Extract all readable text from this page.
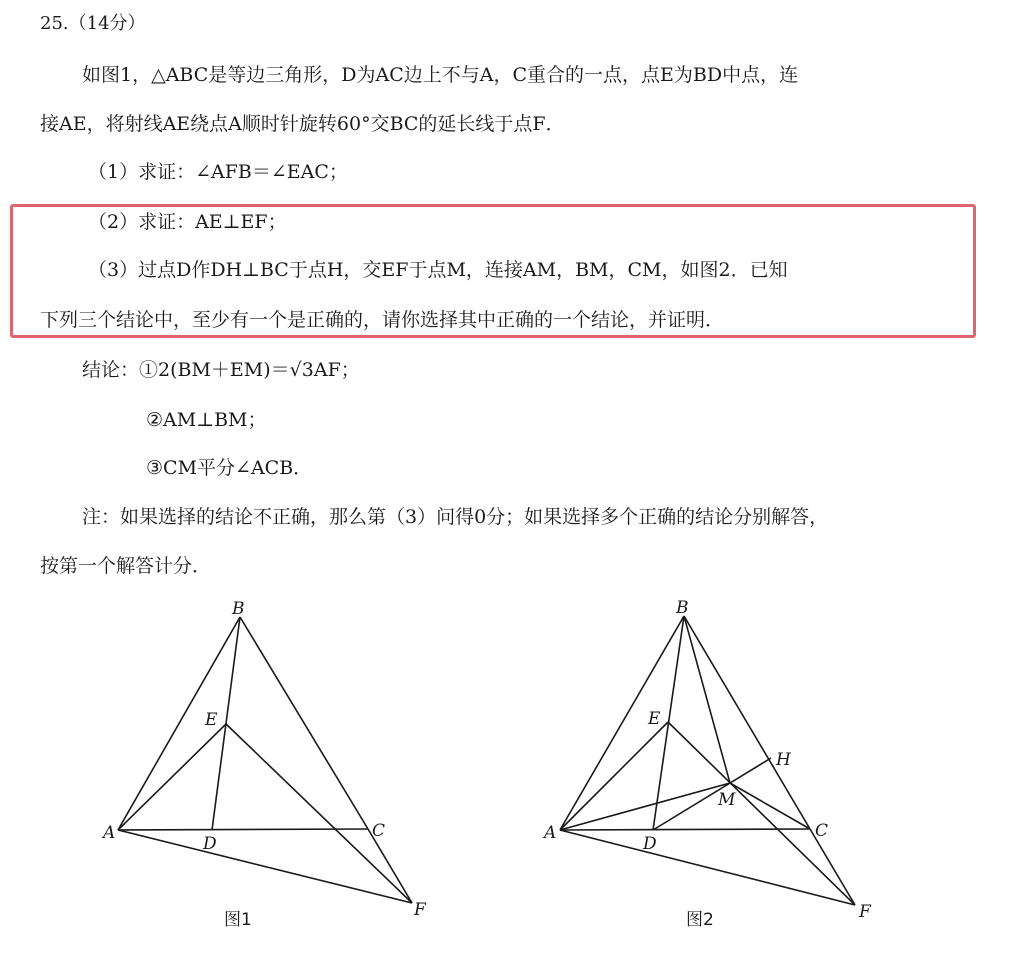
25.（14分）
如图1，△ABC是等边三角形，D为AC边上不与A，C重合的一点，点E为BD中点，连
接AE，将射线AE绕点A顺时针旋转60°交BC的延长线于点F．
（1）求证：∠AFB＝∠EAC；
（2）求证：AE⊥EF；
（3）过点D作DH⊥BC于点H，交EF于点M，连接AM，BM，CM，如图2．已知
下列三个结论中，至少有一个是正确的，请你选择其中正确的一个结论，并证明．
结论：①2(BM＋EM)＝√3AF；
②AM⊥BM；
③CM平分∠ACB．
注：如果选择的结论不正确，那么第（3）问得0分；如果选择多个正确的结论分别解答，
按第一个解答计分．
B
A	C
D
E
F
图1
B
A	C
D
E
F
H
M
图2
